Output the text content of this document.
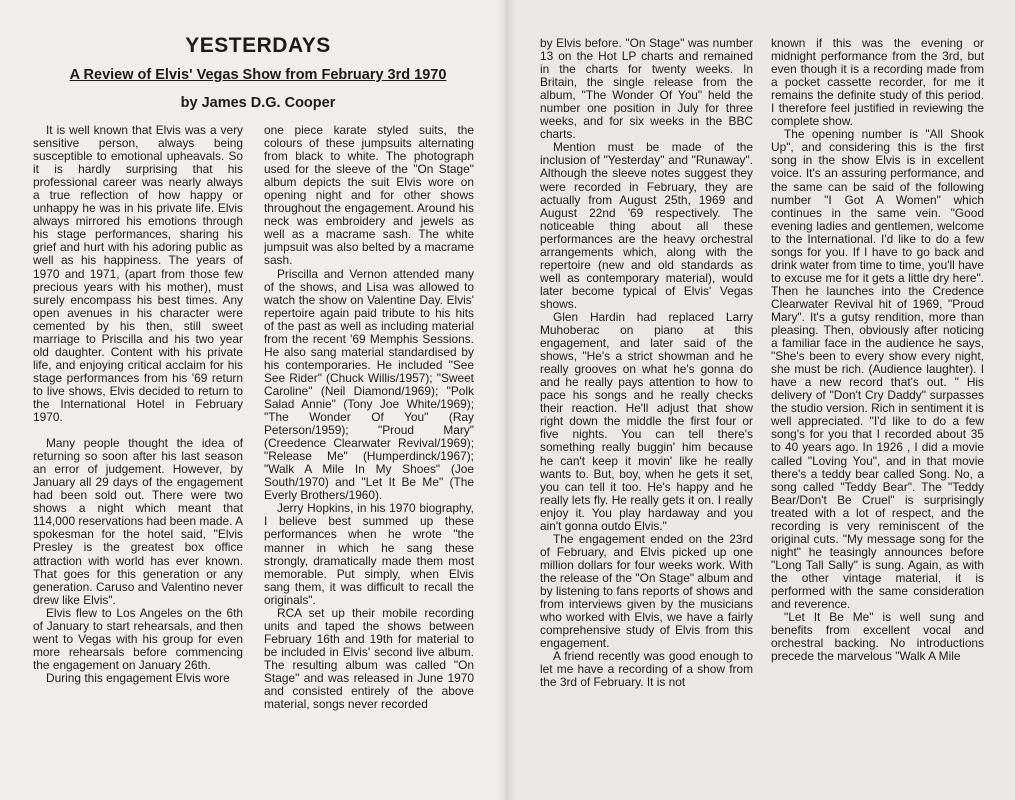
YESTERDAYS
A Review of Elvis' Vegas Show from February 3rd 1970
by James D.G. Cooper

It is well known that Elvis was a very sensitive person, always being susceptible to emotional upheavals. So it is hardly surprising that his professional career was nearly always a true reflection of how happy or unhappy he was in his private life. Elvis always mirrored his emotions through his stage performances, sharing his grief and hurt with his adoring public as well as his happiness. The years of 1970 and 1971, (apart from those few precious years with his mother), must surely encompass his best times. Any open avenues in his character were cemented by his then, still sweet marriage to Priscilla and his two year old daughter. Content with his private life, and enjoying critical acclaim for his stage performances from his '69 return to live shows, Elvis decided to return to the International Hotel in February 1970.

Many people thought the idea of returning so soon after his last season an error of judgement. However, by January all 29 days of the engagement had been sold out. There were two shows a night which meant that 114,000 reservations had been made. A spokesman for the hotel said, "Elvis Presley is the greatest box office attraction with world has ever known. That goes for this generation or any generation. Caruso and Valentino never drew like Elvis".

Elvis flew to Los Angeles on the 6th of January to start rehearsals, and then went to Vegas with his group for even more rehearsals before commencing the engagement on January 26th.

During this engagement Elvis wore

one piece karate styled suits, the colours of these jumpsuits alternating from black to white. The photograph used for the sleeve of the "On Stage" album depicts the suit Elvis wore on opening night and for other shows throughout the engagement. Around his neck was embroidery and jewels as well as a macrame sash. The white jumpsuit was also belted by a macrame sash.

Priscilla and Vernon attended many of the shows, and Lisa was allowed to watch the show on Valentine Day. Elvis' repertoire again paid tribute to his hits of the past as well as including material from the recent '69 Memphis Sessions. He also sang material standardised by his contemporaries. He included "See See Rider" (Chuck Willis/1957); "Sweet Caroline" (Neil Diamond/1969); "Polk Salad Annie" (Tony Joe White/1969); "The Wonder Of You" (Ray Peterson/1959); "Proud Mary" (Creedence Clearwater Revival/1969); "Release Me" (Humperdinck/1967); "Walk A Mile In My Shoes" (Joe South/1970) and "Let It Be Me" (The Everly Brothers/1960).

Jerry Hopkins, in his 1970 biography, I believe best summed up these performances when he wrote "the manner in which he sang these strongly, dramatically made them most memorable. Put simply, when Elvis sang them, it was difficult to recall the originals".

RCA set up their mobile recording units and taped the shows between February 16th and 19th for material to be included in Elvis' second live album. The resulting album was called "On Stage" and was released in June 1970 and consisted entirely of the above material, songs never recorded

by Elvis before. "On Stage" was number 13 on the Hot LP charts and remained in the charts for twenty weeks. In Britain, the single release from the album, "The Wonder Of You" held the number one position in July for three weeks, and for six weeks in the BBC charts.

Mention must be made of the inclusion of "Yesterday" and "Runaway". Although the sleeve notes suggest they were recorded in February, they are actually from August 25th, 1969 and August 22nd '69 respectively. The noticeable thing about all these performances are the heavy orchestral arrangements which, along with the repertoire (new and old standards as well as contemporary material), would later become typical of Elvis' Vegas shows.

Glen Hardin had replaced Larry Muhoberac on piano at this engagement, and later said of the shows, "He's a strict showman and he really grooves on what he's gonna do and he really pays attention to how to pace his songs and he really checks their reaction. He'll adjust that show right down the middle the first four or five nights. You can tell there's something really buggin' him because he can't keep it movin' like he really wants to. But, boy, when he gets it set, you can tell it too. He's happy and he really lets fly. He really gets it on. I really enjoy it. You play hardaway and you ain't gonna outdo Elvis."

The engagement ended on the 23rd of February, and Elvis picked up one million dollars for four weeks work. With the release of the "On Stage" album and by listening to fans reports of shows and from interviews given by the musicians who worked with Elvis, we have a fairly comprehensive study of Elvis from this engagement.

A friend recently was good enough to let me have a recording of a show from the 3rd of February. It is not

known if this was the evening or midnight performance from the 3rd, but even though it is a recording made from a pocket cassette recorder, for me it remains the definite study of this period. I therefore feel justified in reviewing the complete show.

The opening number is "All Shook Up", and considering this is the first song in the show Elvis is in excellent voice. It's an assuring performance, and the same can be said of the following number "I Got A Women" which continues in the same vein. "Good evening ladies and gentlemen, welcome to the International. I'd like to do a few songs for you. If I have to go back and drink water from time to time, you'll have to excuse me for it gets a little dry here". Then he launches into the Credence Clearwater Revival hit of 1969, "Proud Mary". It's a gutsy rendition, more than pleasing. Then, obviously after noticing a familiar face in the audience he says, "She's been to every show every night, she must be rich. (Audience laughter). I have a new record that's out. " His delivery of "Don't Cry Daddy" surpasses the studio version. Rich in sentiment it is well appreciated. "I'd like to do a few song's for you that I recorded about 35 to 40 years ago. In 1926 , I did a movie called "Loving You", and in that movie there's a teddy bear called Song. No, a song called "Teddy Bear". The "Teddy Bear/Don't Be Cruel" is surprisingly treated with a lot of respect, and the recording is very reminiscent of the original cuts. "My message song for the night" he teasingly announces before "Long Tall Sally" is sung. Again, as with the other vintage material, it is performed with the same consideration and reverence.

"Let It Be Me" is well sung and benefits from excellent vocal and orchestral backing. No introductions precede the marvelous "Walk A Mile
